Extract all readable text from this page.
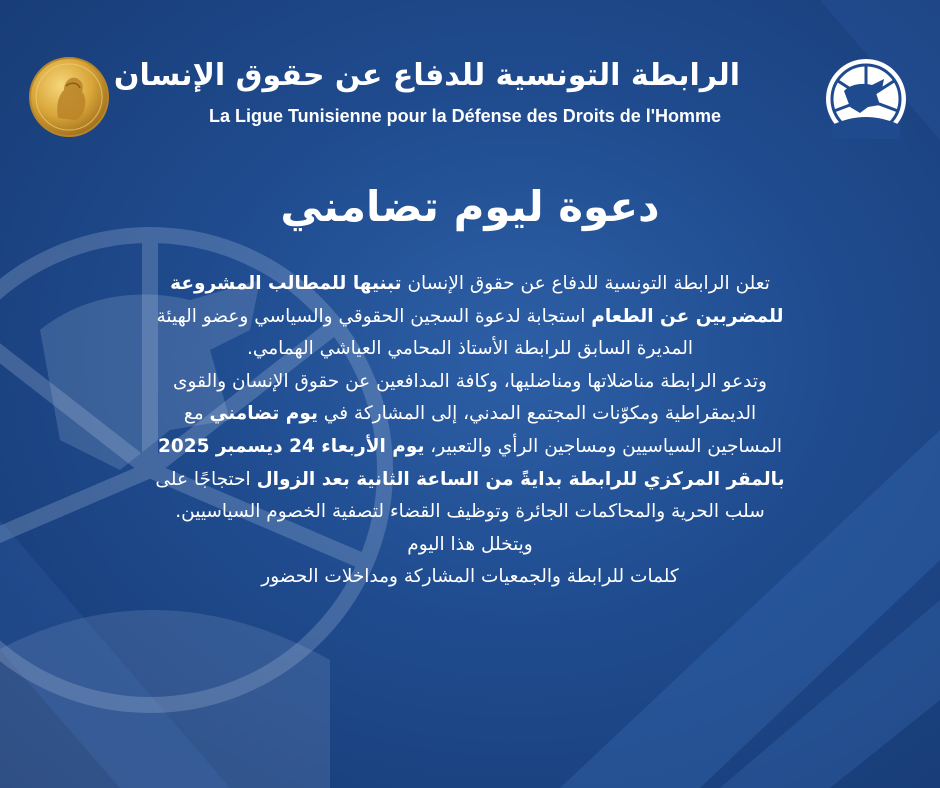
الرابطة التونسية للدفاع عن حقوق الإنسان
La Ligue Tunisienne pour la Défense des Droits de l'Homme
دعوة ليوم تضامني

تعلن الرابطة التونسية للدفاع عن حقوق الإنسان تبنيها للمطالب المشروعة للمضربين عن الطعام استجابة لدعوة السجين الحقوقي والسياسي وعضو الهيئة المديرة السابق للرابطة الأستاذ المحامي العياشي الهمامي.

وتدعو الرابطة مناضلاتها ومناضليها، وكافة المدافعين عن حقوق الإنسان والقوى الديمقراطية ومكوّنات المجتمع المدني، إلى المشاركة في يوم تضامني مع المساجين السياسيين ومساجين الرأي والتعبير، يوم الأربعاء 24 ديسمبر 2025 بالمقر المركزي للرابطة بدايةً من الساعة الثانية بعد الزوال احتجاجًا على سلب الحرية والمحاكمات الجائرة وتوظيف القضاء لتصفية الخصوم السياسيين.

ويتخلل هذا اليوم

كلمات للرابطة والجمعيات المشاركة ومداخلات الحضور
